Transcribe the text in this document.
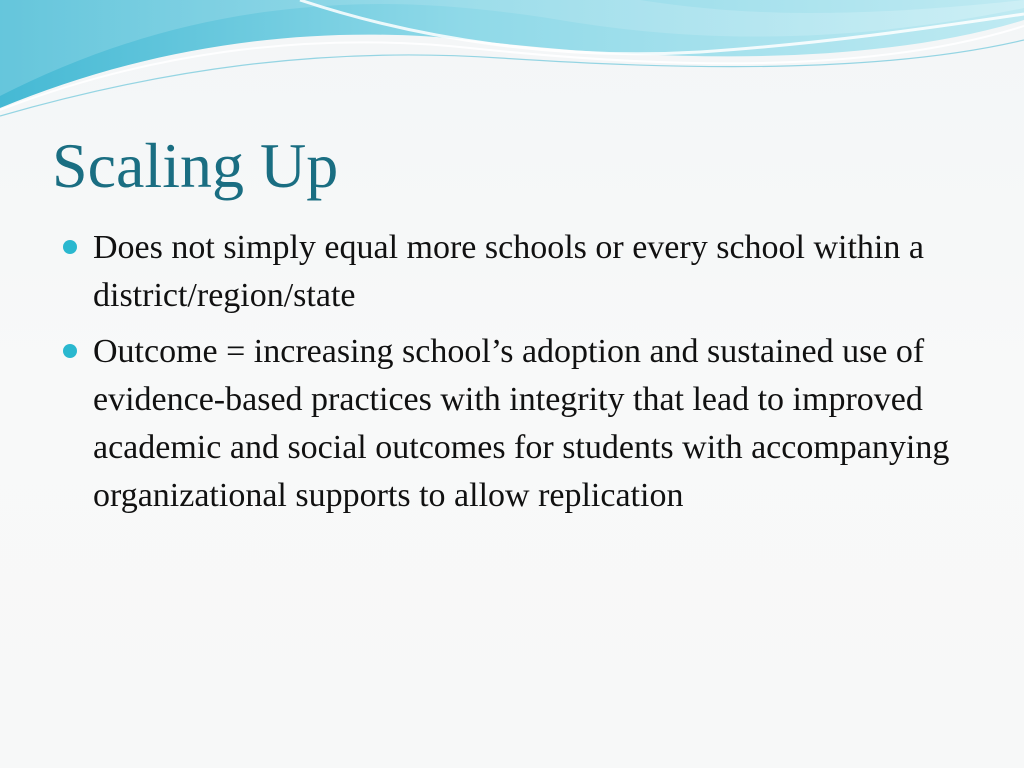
Scaling Up
Does not simply equal more schools or every school within a district/region/state
Outcome = increasing school’s adoption and sustained use of evidence-based practices with integrity that lead to improved academic and social outcomes for students with accompanying organizational supports to allow replication
